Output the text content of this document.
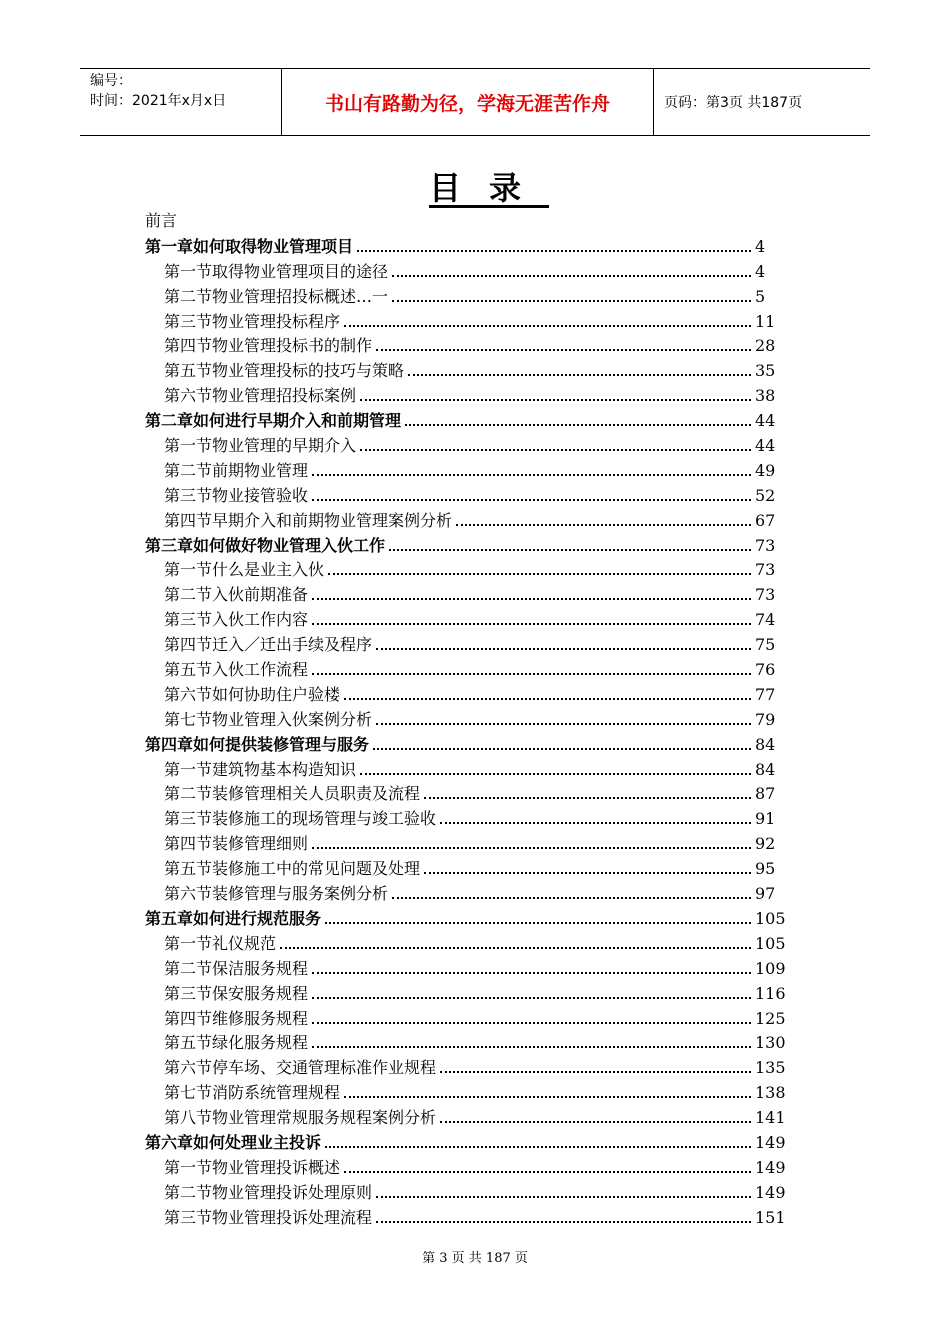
编号：
时间：2021年x月x日	书山有路勤为径，学海无涯苦作舟	页码：第3页 共187页
目录
前言
第一章如何取得物业管理项目	4
第一节取得物业管理项目的途径	4
第二节物业管理招投标概述…一	5
第三节物业管理投标程序	11
第四节物业管理投标书的制作	28
第五节物业管理投标的技巧与策略	35
第六节物业管理招投标案例	38
第二章如何进行早期介入和前期管理	44
第一节物业管理的早期介入	44
第二节前期物业管理	49
第三节物业接管验收	52
第四节早期介入和前期物业管理案例分析	67
第三章如何做好物业管理入伙工作	73
第一节什么是业主入伙	73
第二节入伙前期准备	73
第三节入伙工作内容	74
第四节迁入／迁出手续及程序	75
第五节入伙工作流程	76
第六节如何协助住户验楼	77
第七节物业管理入伙案例分析	79
第四章如何提供装修管理与服务	84
第一节建筑物基本构造知识	84
第二节装修管理相关人员职责及流程	87
第三节装修施工的现场管理与竣工验收	91
第四节装修管理细则	92
第五节装修施工中的常见问题及处理	95
第六节装修管理与服务案例分析	97
第五章如何进行规范服务	105
第一节礼仪规范	105
第二节保洁服务规程	109
第三节保安服务规程	116
第四节维修服务规程	125
第五节绿化服务规程	130
第六节停车场、交通管理标准作业规程	135
第七节消防系统管理规程	138
第八节物业管理常规服务规程案例分析	141
第六章如何处理业主投诉	149
第一节物业管理投诉概述	149
第二节物业管理投诉处理原则	149
第三节物业管理投诉处理流程	151
第 3 页 共 187 页
